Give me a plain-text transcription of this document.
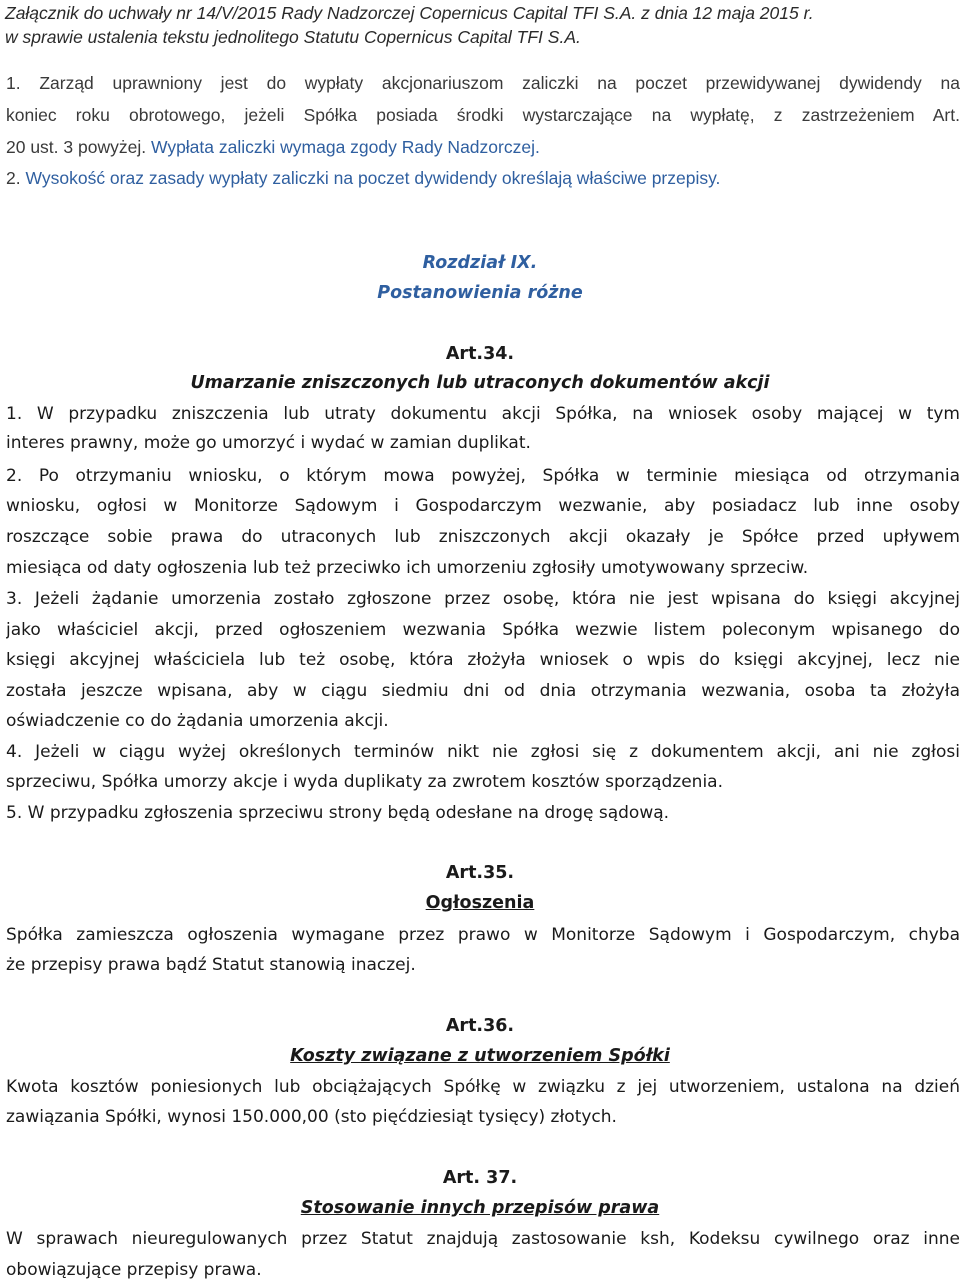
Załącznik do uchwały nr 14/V/2015 Rady Nadzorczej Copernicus Capital TFI S.A. z dnia 12 maja 2015 r.
w sprawie ustalenia tekstu jednolitego Statutu Copernicus Capital TFI S.A.
1. Zarząd uprawniony jest do wypłaty akcjonariuszom zaliczki na poczet przewidywanej dywidendy na
koniec roku obrotowego, jeżeli Spółka posiada środki wystarczające na wypłatę, z zastrzeżeniem Art.
20 ust. 3 powyżej. Wypłata zaliczki wymaga zgody Rady Nadzorczej.
2. Wysokość oraz zasady wypłaty zaliczki na poczet dywidendy określają właściwe przepisy.
Rozdział IX.
Postanowienia różne
Art.34.
Umarzanie zniszczonych lub utraconych dokumentów akcji
1. W przypadku zniszczenia lub utraty dokumentu akcji Spółka, na wniosek osoby mającej w tym
interes prawny, może go umorzyć i wydać w zamian duplikat.
2. Po otrzymaniu wniosku, o którym mowa powyżej, Spółka w terminie miesiąca od otrzymania
wniosku, ogłosi w Monitorze Sądowym i Gospodarczym wezwanie, aby posiadacz lub inne osoby
roszczące sobie prawa do utraconych lub zniszczonych akcji okazały je Spółce przed upływem
miesiąca od daty ogłoszenia lub też przeciwko ich umorzeniu zgłosiły umotywowany sprzeciw.
3. Jeżeli żądanie umorzenia zostało zgłoszone przez osobę, która nie jest wpisana do księgi akcyjnej
jako właściciel akcji, przed ogłoszeniem wezwania Spółka wezwie listem poleconym wpisanego do
księgi akcyjnej właściciela lub też osobę, która złożyła wniosek o wpis do księgi akcyjnej, lecz nie
została jeszcze wpisana, aby w ciągu siedmiu dni od dnia otrzymania wezwania, osoba ta złożyła
oświadczenie co do żądania umorzenia akcji.
4. Jeżeli w ciągu wyżej określonych terminów nikt nie zgłosi się z dokumentem akcji, ani nie zgłosi
sprzeciwu, Spółka umorzy akcje i wyda duplikaty za zwrotem kosztów sporządzenia.
5. W przypadku zgłoszenia sprzeciwu strony będą odesłane na drogę sądową.
Art.35.
Ogłoszenia
Spółka zamieszcza ogłoszenia wymagane przez prawo w Monitorze Sądowym i Gospodarczym, chyba
że przepisy prawa bądź Statut stanowią inaczej.
Art.36.
Koszty związane z utworzeniem Spółki
Kwota kosztów poniesionych lub obciążających Spółkę w związku z jej utworzeniem, ustalona na dzień
zawiązania Spółki, wynosi 150.000,00 (sto pięćdziesiąt tysięcy) złotych.
Art. 37.
Stosowanie innych przepisów prawa
W sprawach nieuregulowanych przez Statut znajdują zastosowanie ksh, Kodeksu cywilnego oraz inne
obowiązujące przepisy prawa.
